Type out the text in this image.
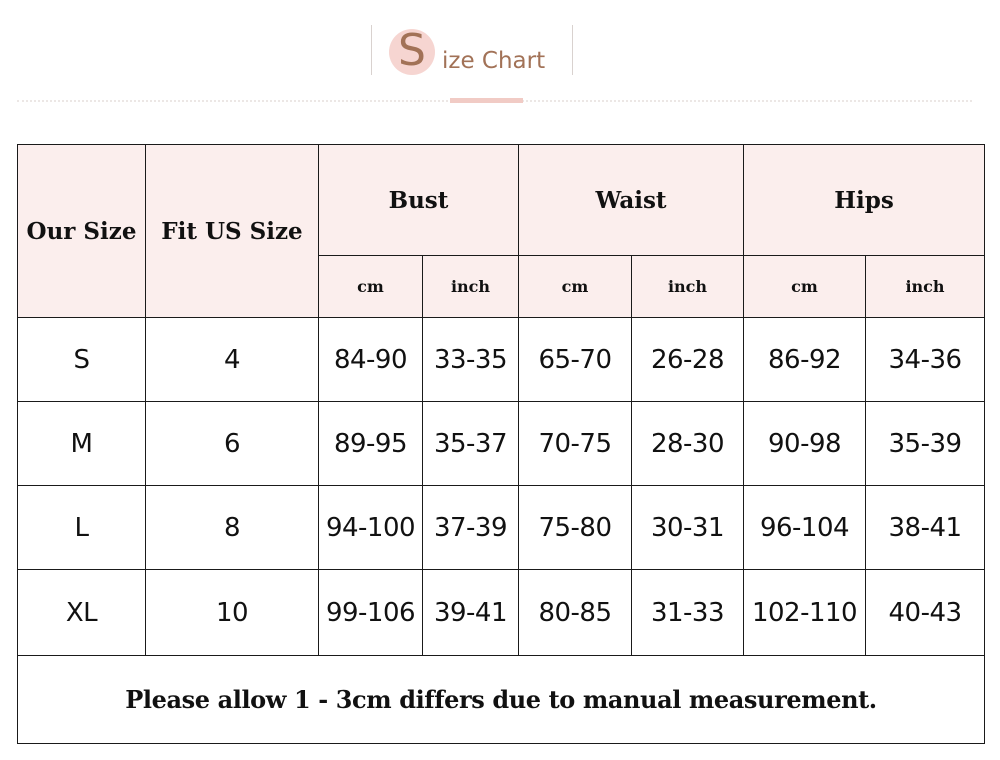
S ize Chart
Our Size	Fit US Size	Bust		Waist		Hips	
		cm	inch	cm	inch	cm	inch
S	4	84-90	33-35	65-70	26-28	86-92	34-36
M	6	89-95	35-37	70-75	28-30	90-98	35-39
L	8	94-100	37-39	75-80	30-31	96-104	38-41
XL	10	99-106	39-41	80-85	31-33	102-110	40-43
Please allow 1 - 3cm differs due to manual measurement.							
